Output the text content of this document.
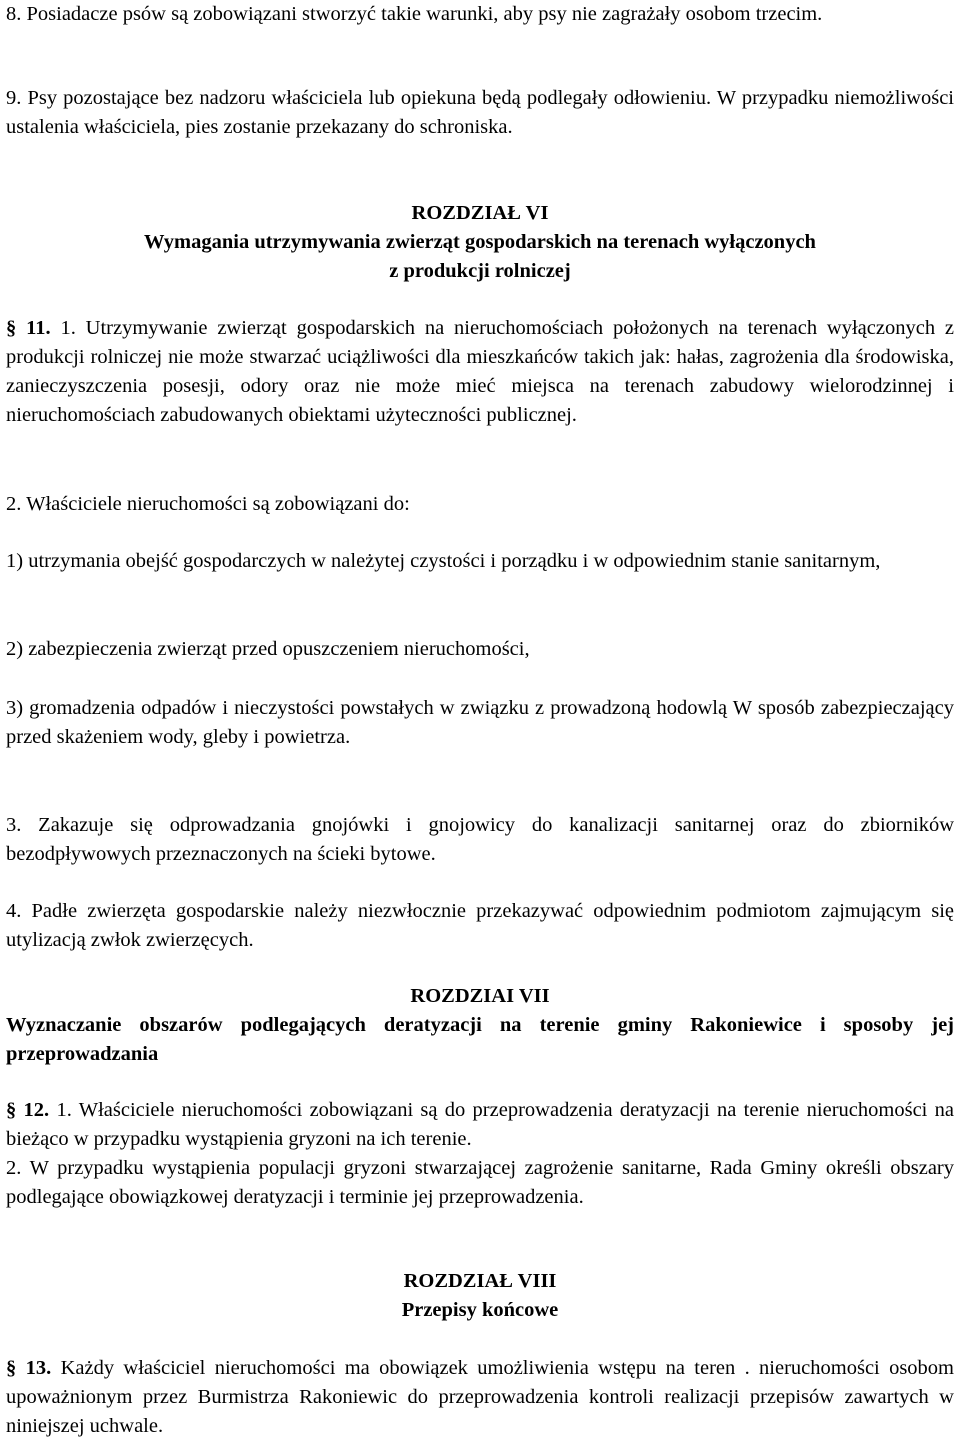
8. Posiadacze psów są zobowiązani stworzyć takie warunki, aby psy nie zagrażały osobom trzecim.

9. Psy pozostające bez nadzoru właściciela lub opiekuna będą podlegały odłowieniu. W przypadku niemożliwości ustalenia właściciela, pies zostanie przekazany do schroniska.

ROZDZIAŁ VI

Wymagania utrzymywania zwierząt gospodarskich na terenach wyłączonych

z produkcji rolniczej

§ 11. 1. Utrzymywanie zwierząt gospodarskich na nieruchomościach położonych na terenach wyłączonych z produkcji rolniczej nie może stwarzać uciążliwości dla mieszkańców takich jak: hałas, zagrożenia dla środowiska, zanieczyszczenia posesji, odory oraz nie może mieć miejsca na terenach zabudowy wielorodzinnej i nieruchomościach zabudowanych obiektami użyteczności publicznej.

2. Właściciele nieruchomości są zobowiązani do:

1) utrzymania obejść gospodarczych w należytej czystości i porządku i w odpowiednim stanie sanitarnym,

2) zabezpieczenia zwierząt przed opuszczeniem nieruchomości,

3) gromadzenia odpadów i nieczystości powstałych w związku z prowadzoną hodowlą W sposób zabezpieczający przed skażeniem wody, gleby i powietrza.

3. Zakazuje się odprowadzania gnojówki i gnojowicy do kanalizacji sanitarnej oraz do zbiorników bezodpływowych przeznaczonych na ścieki bytowe.

4. Padłe zwierzęta gospodarskie należy niezwłocznie przekazywać odpowiednim podmiotom zajmującym się utylizacją zwłok zwierzęcych.

ROZDZIAI VII

Wyznaczanie obszarów podlegających deratyzacji na terenie gminy Rakoniewice i sposoby jej przeprowadzania

§ 12. 1. Właściciele nieruchomości zobowiązani są do przeprowadzenia deratyzacji na terenie nieruchomości na bieżąco w przypadku wystąpienia gryzoni na ich terenie.

2. W przypadku wystąpienia populacji gryzoni stwarzającej zagrożenie sanitarne, Rada Gminy określi obszary podlegające obowiązkowej deratyzacji i terminie jej przeprowadzenia.

ROZDZIAŁ VIII

Przepisy końcowe

§ 13. Każdy właściciel nieruchomości ma obowiązek umożliwienia wstępu na teren . nieruchomości osobom upoważnionym przez Burmistrza Rakoniewic do przeprowadzenia kontroli realizacji przepisów zawartych w niniejszej uchwale.
